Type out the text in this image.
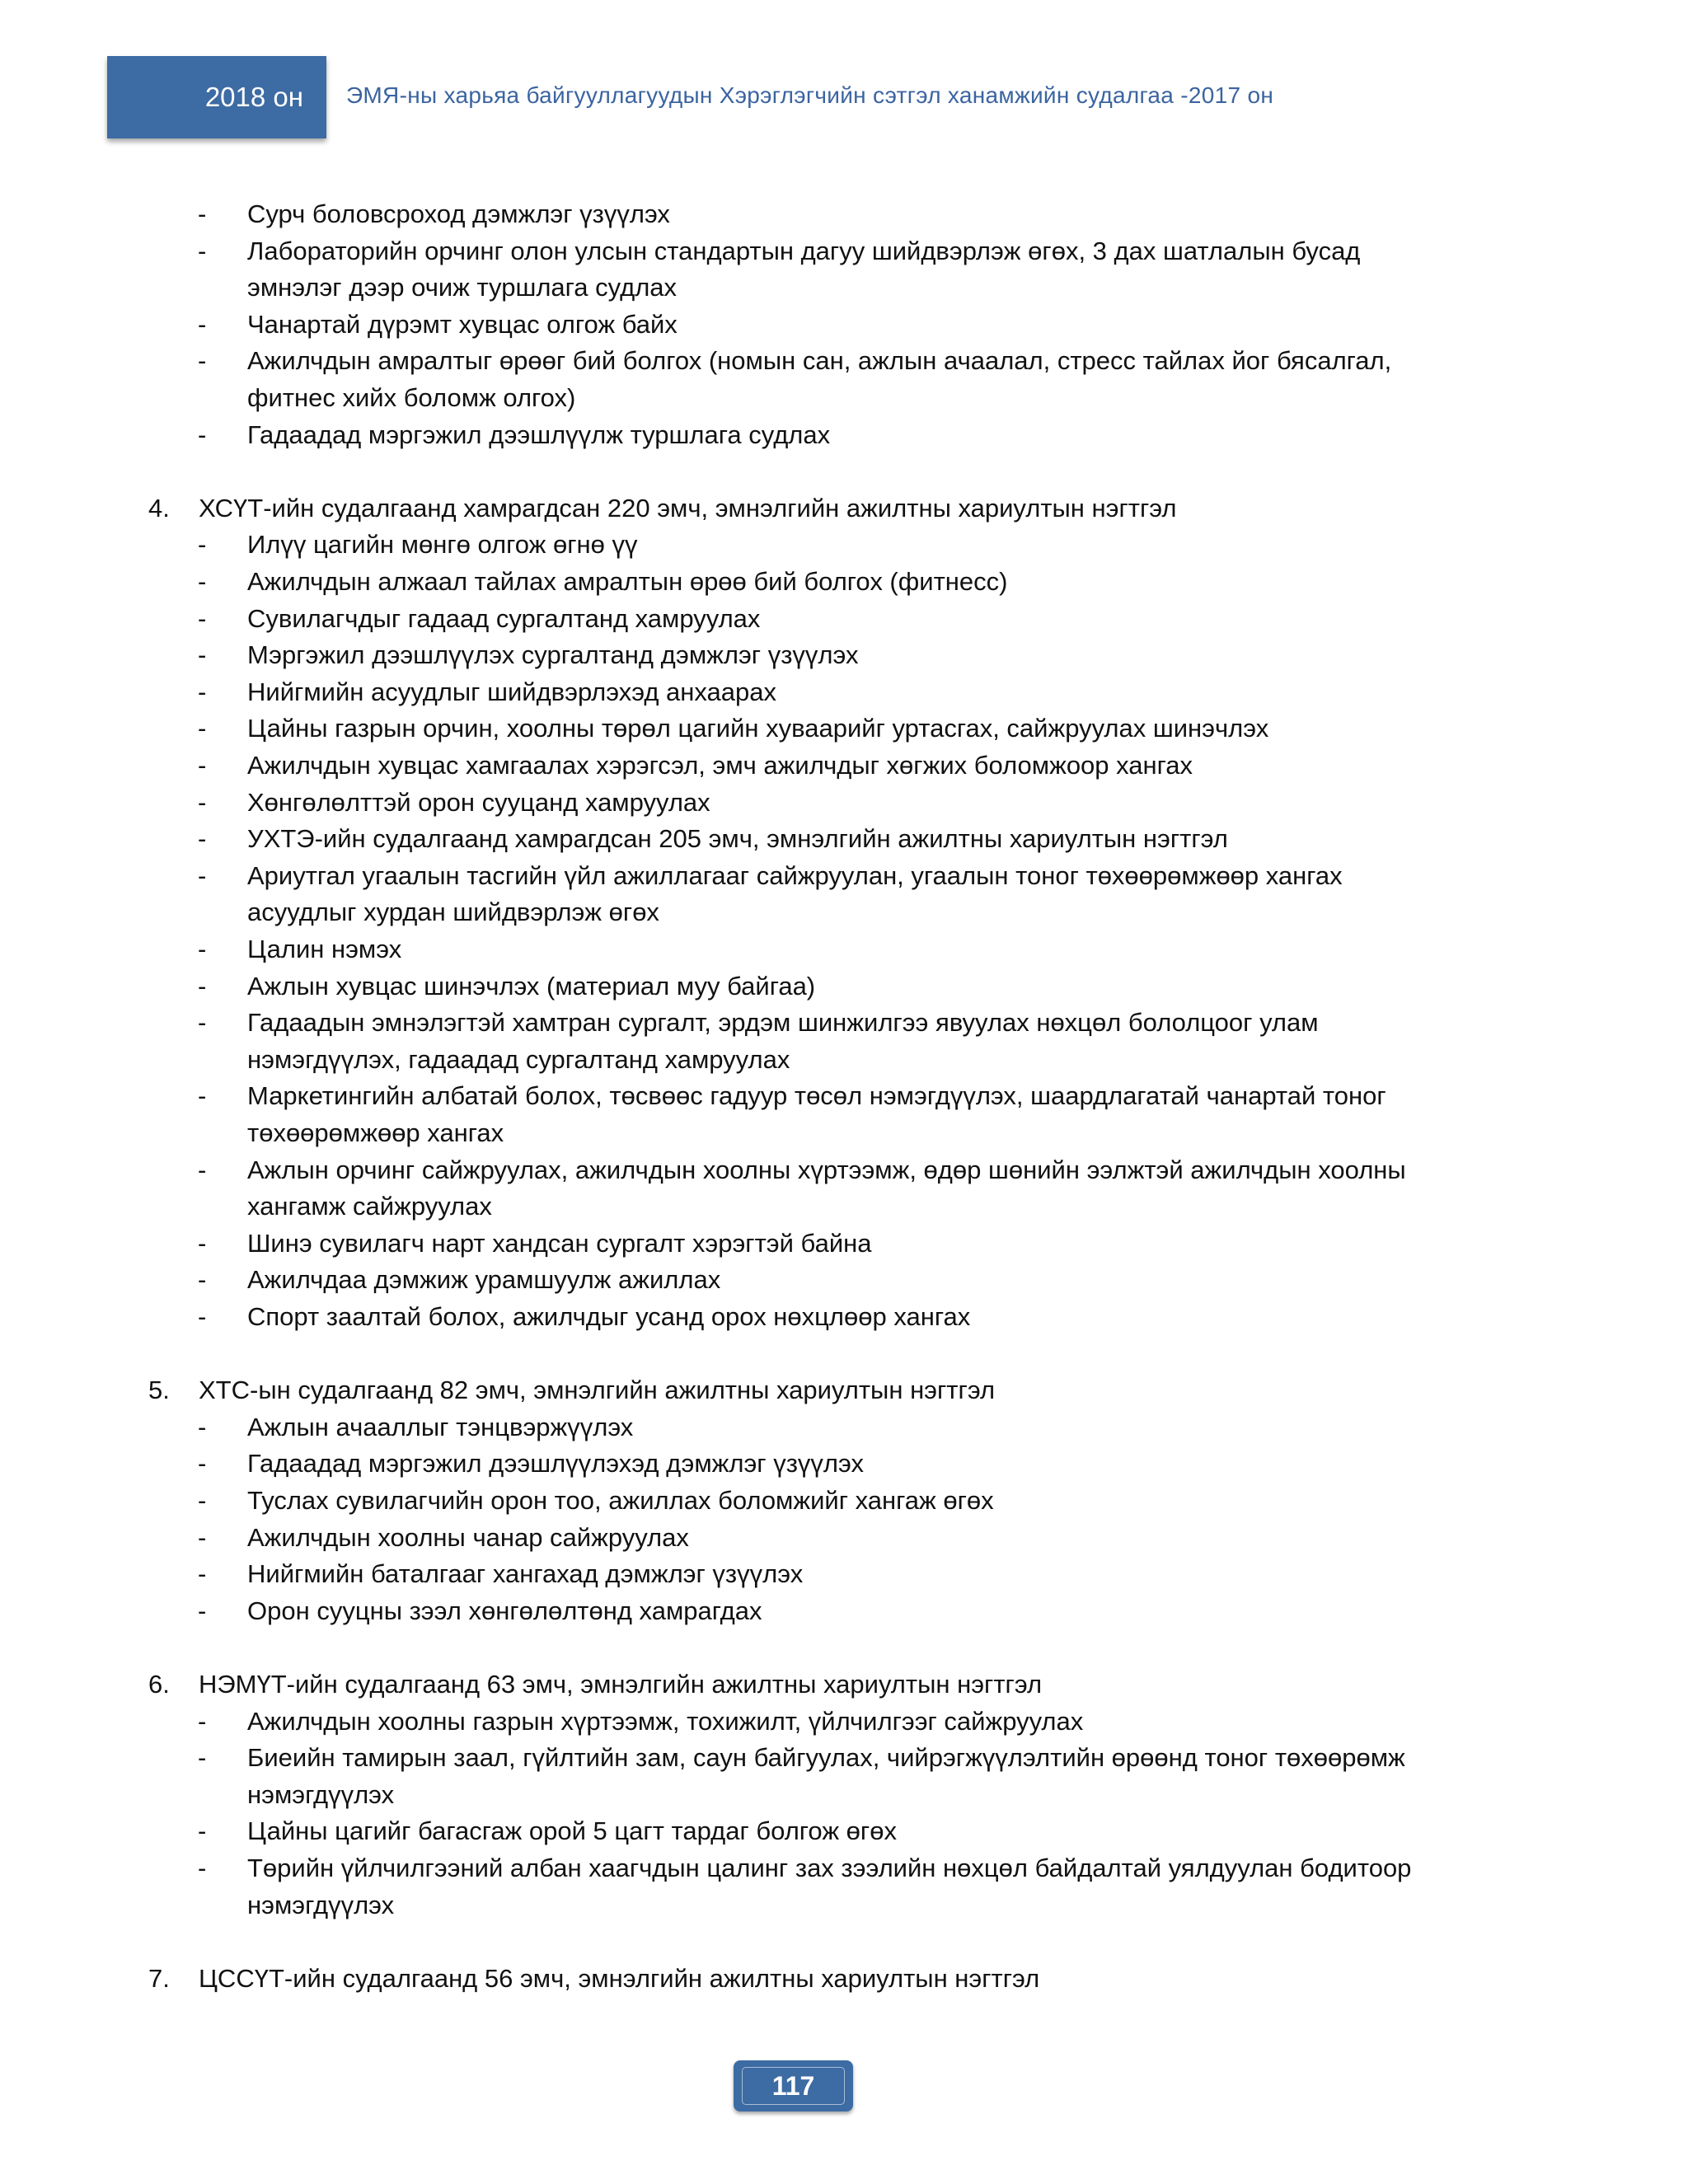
2018 он ЭМЯ-ны харьяа байгууллагуудын Хэрэглэгчийн сэтгэл ханамжийн судалгаа -2017 он
- Сурч боловсроход дэмжлэг үзүүлэх
- Лабораторийн орчинг олон улсын стандартын дагуу шийдвэрлэж өгөх, 3 дах шатлалын бусад
эмнэлэг дээр очиж туршлага судлах
- Чанартай дүрэмт хувцас олгож байх
- Ажилчдын амралтыг өрөөг бий болгох (номын сан, ажлын ачаалал, стресс тайлах йог бясалгал,
фитнес хийх боломж олгох)
- Гадаадад мэргэжил дээшлүүлж туршлага судлах
4. ХСҮТ-ийн судалгаанд хамрагдсан 220 эмч, эмнэлгийн ажилтны хариултын нэгтгэл
- Илүү цагийн мөнгө олгож өгнө үү
- Ажилчдын алжаал тайлах амралтын өрөө бий болгох (фитнесс)
- Сувилагчдыг гадаад сургалтанд хамруулах
- Мэргэжил дээшлүүлэх сургалтанд дэмжлэг үзүүлэх
- Нийгмийн асуудлыг шийдвэрлэхэд анхаарах
- Цайны газрын орчин, хоолны төрөл цагийн хуваарийг уртасгах, сайжруулах шинэчлэх
- Ажилчдын хувцас хамгаалах хэрэгсэл, эмч ажилчдыг хөгжих боломжоор хангах
- Хөнгөлөлттэй орон сууцанд хамруулах
- УХТЭ-ийн судалгаанд хамрагдсан 205 эмч, эмнэлгийн ажилтны хариултын нэгтгэл
- Ариутгал угаалын тасгийн үйл ажиллагааг сайжруулан, угаалын тоног төхөөрөмжөөр хангах
асуудлыг хурдан шийдвэрлэж өгөх
- Цалин нэмэх
- Ажлын хувцас шинэчлэх (материал муу байгаа)
- Гадаадын эмнэлэгтэй хамтран сургалт, эрдэм шинжилгээ явуулах нөхцөл бололцоог улам
нэмэгдүүлэх, гадаадад сургалтанд хамруулах
- Маркетингийн албатай болох, төсвөөс гадуур төсөл нэмэгдүүлэх, шаардлагатай чанартай тоног
төхөөрөмжөөр хангах
- Ажлын орчинг сайжруулах, ажилчдын хоолны хүртээмж, өдөр шөнийн ээлжтэй ажилчдын хоолны
хангамж сайжруулах
- Шинэ сувилагч нарт хандсан сургалт хэрэгтэй байна
- Ажилчдаа дэмжиж урамшуулж ажиллах
- Спорт заалтай болох, ажилчдыг усанд орох нөхцлөөр хангах
5. ХТС-ын судалгаанд 82 эмч, эмнэлгийн ажилтны хариултын нэгтгэл
- Ажлын ачааллыг тэнцвэржүүлэх
- Гадаадад мэргэжил дээшлүүлэхэд дэмжлэг үзүүлэх
- Туслах сувилагчийн орон тоо, ажиллах боломжийг хангаж өгөх
- Ажилчдын хоолны чанар сайжруулах
- Нийгмийн баталгааг хангахад дэмжлэг үзүүлэх
- Орон сууцны зээл хөнгөлөлтөнд хамрагдах
6. НЭМҮТ-ийн судалгаанд 63 эмч, эмнэлгийн ажилтны хариултын нэгтгэл
- Ажилчдын хоолны газрын хүртээмж, тохижилт, үйлчилгээг сайжруулах
- Биеийн тамирын заал, гүйлтийн зам, саун байгуулах, чийрэгжүүлэлтийн өрөөнд тоног төхөөрөмж
нэмэгдүүлэх
- Цайны цагийг багасгаж орой 5 цагт тардаг болгож өгөх
- Төрийн үйлчилгээний албан хаагчдын цалинг зах зээлийн нөхцөл байдалтай уялдуулан бодитоор
нэмэгдүүлэх
7. ЦССҮТ-ийн судалгаанд 56 эмч, эмнэлгийн ажилтны хариултын нэгтгэл
117
